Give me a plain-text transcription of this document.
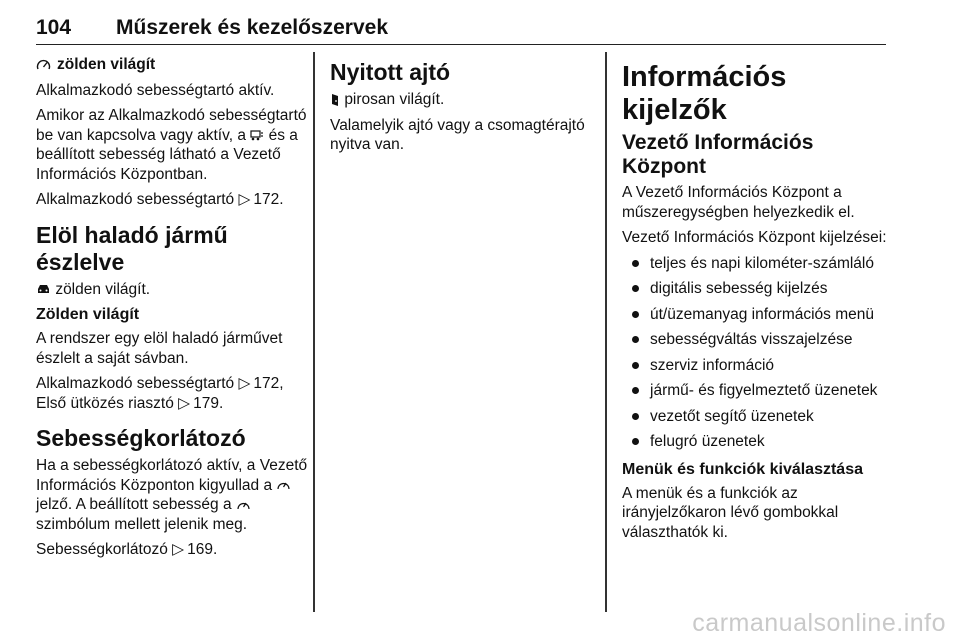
104	Műszerek és kezelőszervek
zölden világít

Alkalmazkodó sebességtartó aktív.

Amikor az Alkalmazkodó sebességtartó be van kapcsolva vagy aktív, a és a beállított sebesség látható a Vezető Információs Központban.

Alkalmazkodó sebességtartó ▷ 172.

Elöl haladó jármű észlelve

zölden világít.

Zölden világít

A rendszer egy elöl haladó járművet észlelt a saját sávban.

Alkalmazkodó sebességtartó ▷ 172,

Első ütközés riasztó ▷ 179.

Sebességkorlátozó

Ha a sebességkorlátozó aktív, a Vezető Információs Központon kigyullad a
jelző. A beállított sebesség a
szimbólum mellett jelenik meg.

Sebességkorlátozó ▷ 169.

Nyitott ajtó

pirosan világít.

Valamelyik ajtó vagy a csomagtérajtó nyitva van.

Információs kijelzők
Vezető Információs Központ

A Vezető Információs Központ a műszeregységben helyezkedik el.

Vezető Információs Központ kijelzései:

teljes és napi kilométer-számláló
digitális sebesség kijelzés
út/üzemanyag információs menü
sebességváltás visszajelzése
szerviz információ
jármű- és figyelmeztető üzenetek
vezetőt segítő üzenetek
felugró üzenetek
Menük és funkciók kiválasztása

A menük és a funkciók az irányjelzőkaron lévő gombokkal választhatók ki.

carmanualsonline.info
